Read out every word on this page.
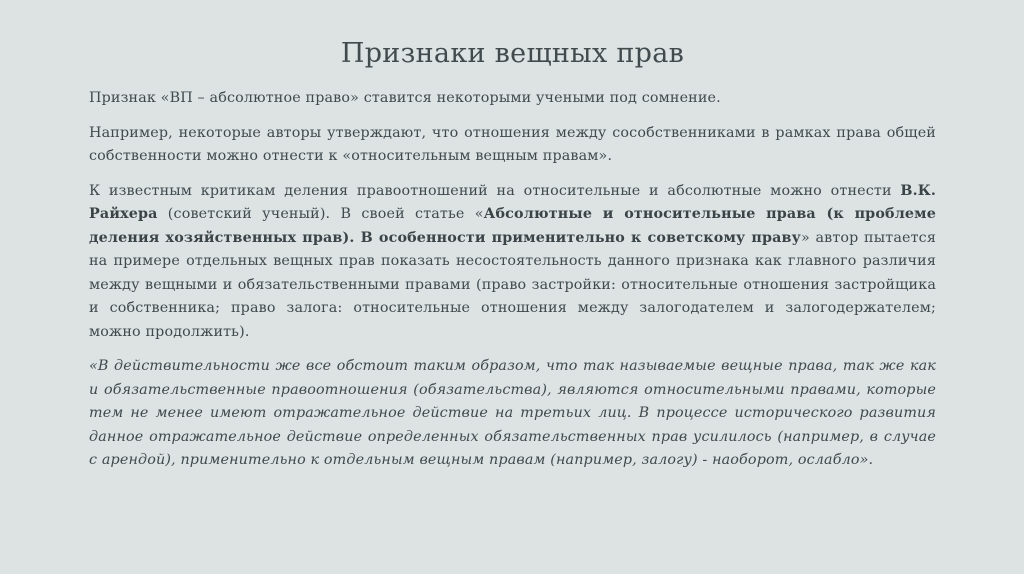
Признаки вещных прав

Признак «ВП – абсолютное право» ставится некоторыми учеными под сомнение.

Например, некоторые авторы утверждают, что отношения между сособственниками в рамках права общей собственности можно отнести к «относительным вещным правам».

К известным критикам деления правоотношений на относительные и абсолютные можно отнести В.К. Райхера (советский ученый). В своей статье «Абсолютные и относительные права (к проблеме деления хозяйственных прав). В особенности применительно к советскому праву» автор пытается на примере отдельных вещных прав показать несостоятельность данного признака как главного различия между вещными и обязательственными правами (право застройки: относительные отношения застройщика и собственника; право залога: относительные отношения между залогодателем и залогодержателем; можно продолжить).

«В действительности же все обстоит таким образом, что так называемые вещные права, так же как и обязательственные правоотношения (обязательства), являются относительными правами, которые тем не менее имеют отражательное действие на третьих лиц. В процессе исторического развития данное отражательное действие определенных обязательственных прав усилилось (например, в случае с арендой), применительно к отдельным вещным правам (например, залогу) - наоборот, ослабло».
